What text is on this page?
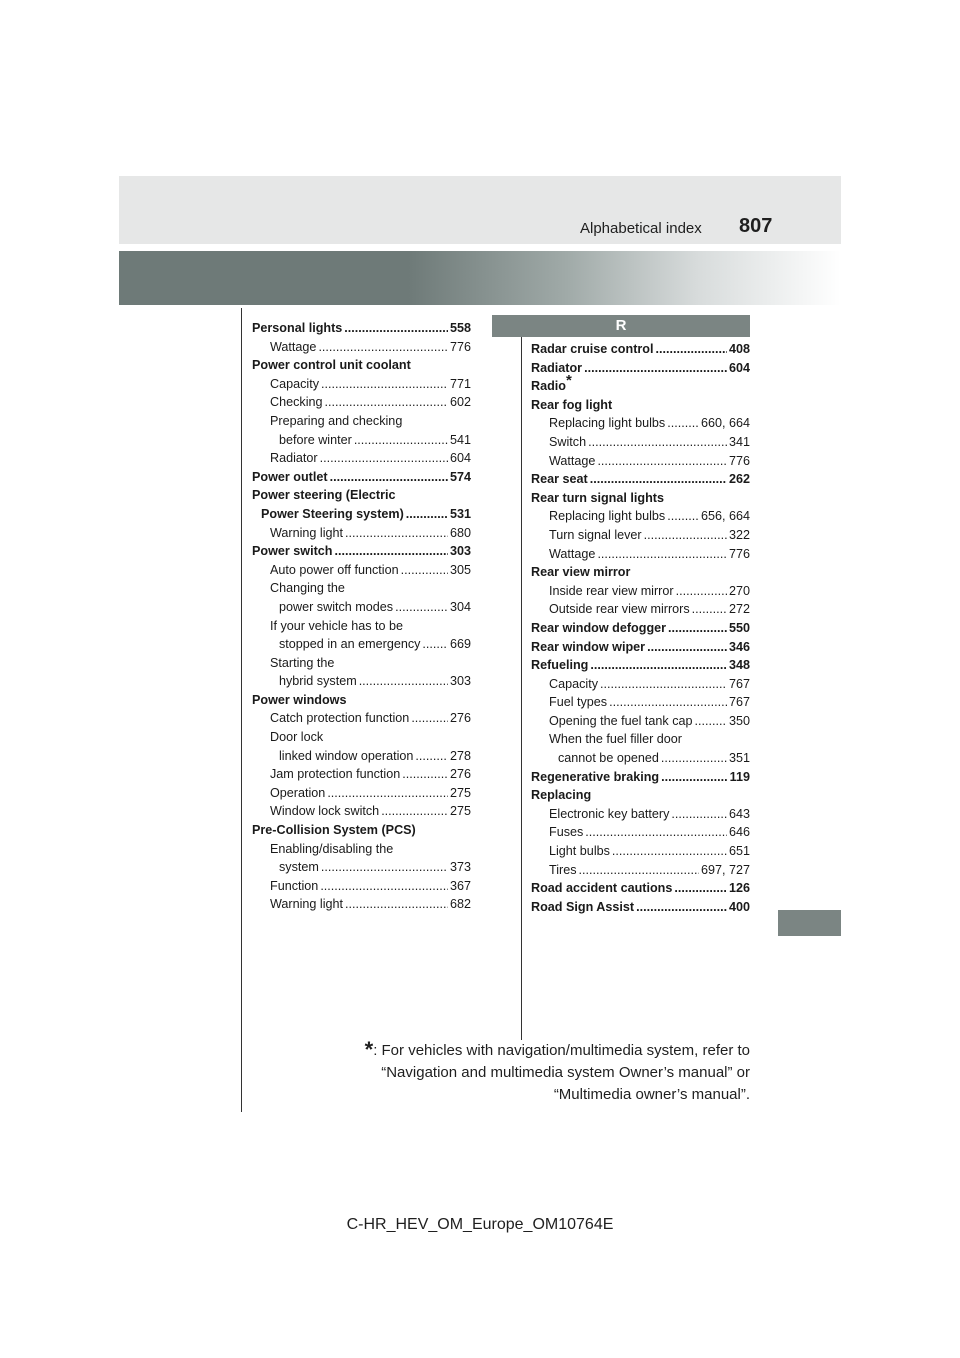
Alphabetical index 807
R
Personal lights .....	558
Wattage .....	776
Power control unit coolant
Capacity .....	771
Checking .....	602
Preparing and checking
before winter .....	541
Radiator .....	604
Power outlet .....	574
Power steering (Electric
Power Steering system) .....	531
Warning light .....	680
Power switch .....	303
Auto power off function .....	305
Changing the
power switch modes .....	304
If your vehicle has to be
stopped in an emergency ..... 669
Starting the
hybrid system .....	303
Power windows
Catch protection function .....	276
Door lock
linked window operation .....	278
Jam protection function .....	276
Operation .....	275
Window lock switch .....	275
Pre-Collision System (PCS)
Enabling/disabling the
system .....	373
Function .....	367
Warning light .....	682
Radar cruise control .....	408
Radiator .....	604
Radio*
Rear fog light
Replacing light bulbs .....	660, 664
Switch .....	341
Wattage .....	776
Rear seat .....	262
Rear turn signal lights
Replacing light bulbs .....	656, 664
Turn signal lever .....	322
Wattage .....	776
Rear view mirror
Inside rear view mirror .....	270
Outside rear view mirrors .....	272
Rear window defogger .....	550
Rear window wiper .....	346
Refueling .....	348
Capacity .....	767
Fuel types .....	767
Opening the fuel tank cap .....	350
When the fuel filler door
cannot be opened .....	351
Regenerative braking .....	119
Replacing
Electronic key battery .....	643
Fuses .....	646
Light bulbs .....	651
Tires .....	697, 727
Road accident cautions .....	126
Road Sign Assist .....	400
*: For vehicles with navigation/multimedia system, refer to
“Navigation and multimedia system Owner’s manual” or
“Multimedia owner’s manual”.
C-HR_HEV_OM_Europe_OM10764E
